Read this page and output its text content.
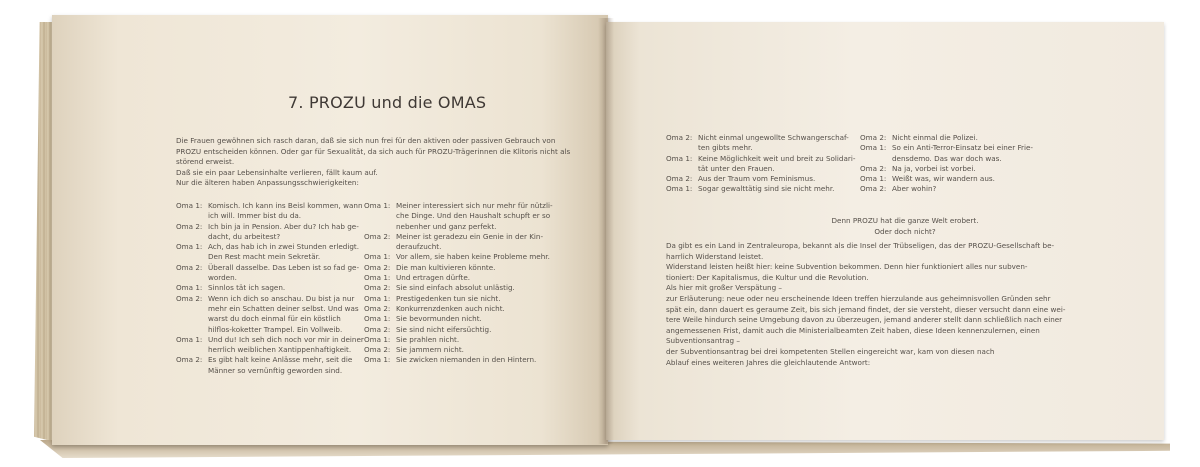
7. PROZU und die OMAS
Die Frauen gewöhnen sich rasch daran, daß sie sich nun frei für den aktiven oder passiven Gebrauch von
PROZU entscheiden können. Oder gar für Sexualität, da sich auch für PROZU-Trägerinnen die Klitoris nicht als
störend erweist.
Daß sie ein paar Lebensinhalte verlieren, fällt kaum auf.
Nur die älteren haben Anpassungsschwierigkeiten:
Oma 1: Komisch. Ich kann ins Beisl kommen, wann
ich will. Immer bist du da.
Oma 2: Ich bin ja in Pension. Aber du? Ich hab ge-
dacht, du arbeitest?
Oma 1: Ach, das hab ich in zwei Stunden erledigt.
Den Rest macht mein Sekretär.
Oma 2: Überall dasselbe. Das Leben ist so fad ge-
worden.
Oma 1: Sinnlos tät ich sagen.
Oma 2: Wenn ich dich so anschau. Du bist ja nur
mehr ein Schatten deiner selbst. Und was
warst du doch einmal für ein köstlich
hilflos-koketter Trampel. Ein Vollweib.
Oma 1: Und du! Ich seh dich noch vor mir in deiner
herrlich weiblichen Xantippenhaftigkeit.
Oma 2: Es gibt halt keine Anlässe mehr, seit die
Männer so vernünftig geworden sind.
Oma 1: Meiner interessiert sich nur mehr für nützli-
che Dinge. Und den Haushalt schupft er so
nebenher und ganz perfekt.
Oma 2: Meiner ist geradezu ein Genie in der Kin-
deraufzucht.
Oma 1: Vor allem, sie haben keine Probleme mehr.
Oma 2: Die man kultivieren könnte.
Oma 1: Und ertragen dürfte.
Oma 2: Sie sind einfach absolut unlästig.
Oma 1: Prestigedenken tun sie nicht.
Oma 2: Konkurrenzdenken auch nicht.
Oma 1: Sie bevormunden nicht.
Oma 2: Sie sind nicht eifersüchtig.
Oma 1: Sie prahlen nicht.
Oma 2: Sie jammern nicht.
Oma 1: Sie zwicken niemanden in den Hintern.
Oma 2: Nicht einmal ungewollte Schwangerschaf-
ten gibts mehr.
Oma 1: Keine Möglichkeit weit und breit zu Solidari-
tät unter den Frauen.
Oma 2: Aus der Traum vom Feminismus.
Oma 1: Sogar gewalttätig sind sie nicht mehr.
Oma 2: Nicht einmal die Polizei.
Oma 1: So ein Anti-Terror-Einsatz bei einer Frie-
densdemo. Das war doch was.
Oma 2: Na ja, vorbei ist vorbei.
Oma 1: Weißt was, wir wandern aus.
Oma 2: Aber wohin?
Denn PROZU hat die ganze Welt erobert.
Oder doch nicht?
Da gibt es ein Land in Zentraleuropa, bekannt als die Insel der Trübseligen, das der PROZU-Gesellschaft be-
harrlich Widerstand leistet.
Widerstand leisten heißt hier: keine Subvention bekommen. Denn hier funktioniert alles nur subven-
tioniert: Der Kapitalismus, die Kultur und die Revolution.
Als hier mit großer Verspätung –
zur Erläuterung: neue oder neu erscheinende Ideen treffen hierzulande aus geheimnisvollen Gründen sehr
spät ein, dann dauert es geraume Zeit, bis sich jemand findet, der sie versteht, dieser versucht dann eine wei-
tere Weile hindurch seine Umgebung davon zu überzeugen, jemand anderer stellt dann schließlich nach einer
angemessenen Frist, damit auch die Ministerialbeamten Zeit haben, diese Ideen kennenzulernen, einen
Subventionsantrag –
der Subventionsantrag bei drei kompetenten Stellen eingereicht war, kam von diesen nach
Ablauf eines weiteren Jahres die gleichlautende Antwort:
